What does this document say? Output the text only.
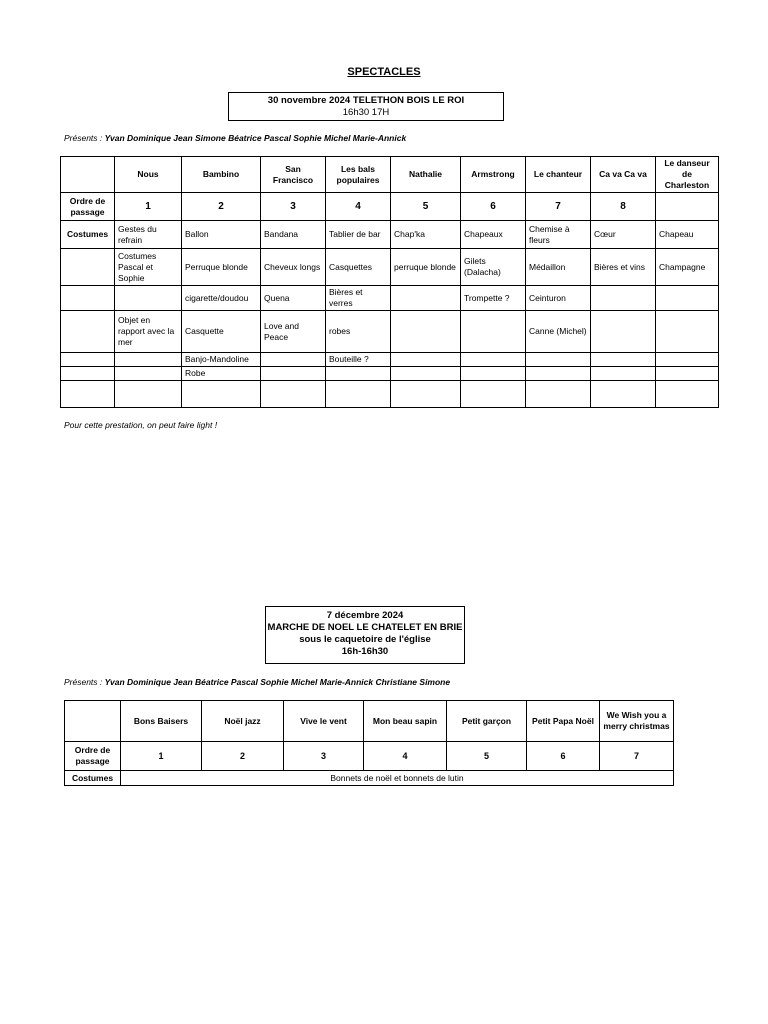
SPECTACLES
30 novembre 2024 TELETHON BOIS LE ROI
16h30 17H
Présents : Yvan Dominique Jean Simone Béatrice Pascal Sophie Michel Marie-Annick
	Nous	Bambino	San Francisco	Les bals populaires	Nathalie	Armstrong	Le chanteur	Ca va Ca va	Le danseur de Charleston
Ordre de passage	1	2	3	4	5	6	7	8	
Costumes	Gestes du refrain	Ballon	Bandana	Tablier de bar	Chap'ka	Chapeaux	Chemise à fleurs	Cœur	Chapeau
	Costumes Pascal et Sophie	Perruque blonde	Cheveux longs	Casquettes	perruque blonde	Gilets (Dalacha)	Médaillon	Bières et vins	Champagne
		cigarette/doudou	Quena	Bières et verres		Trompette ?	Ceinturon		
	Objet en rapport avec la mer	Casquette	Love and Peace	robes			Canne (Michel)		
		Banjo-Mandoline		Bouteille ?					
		Robe							

Pour cette prestation, on peut faire light !
7 décembre 2024
MARCHE DE NOEL LE CHATELET EN BRIE
sous le caquetoire de l'église
16h-16h30
Présents : Yvan Dominique Jean Béatrice Pascal Sophie Michel Marie-Annick Christiane Simone
	Bons Baisers	Noël jazz	Vive le vent	Mon beau sapin	Petit garçon	Petit Papa Noël	We Wish you a merry christmas
Ordre de passage	1	2	3	4	5	6	7
Costumes	Bonnets de noël et bonnets de lutin						
